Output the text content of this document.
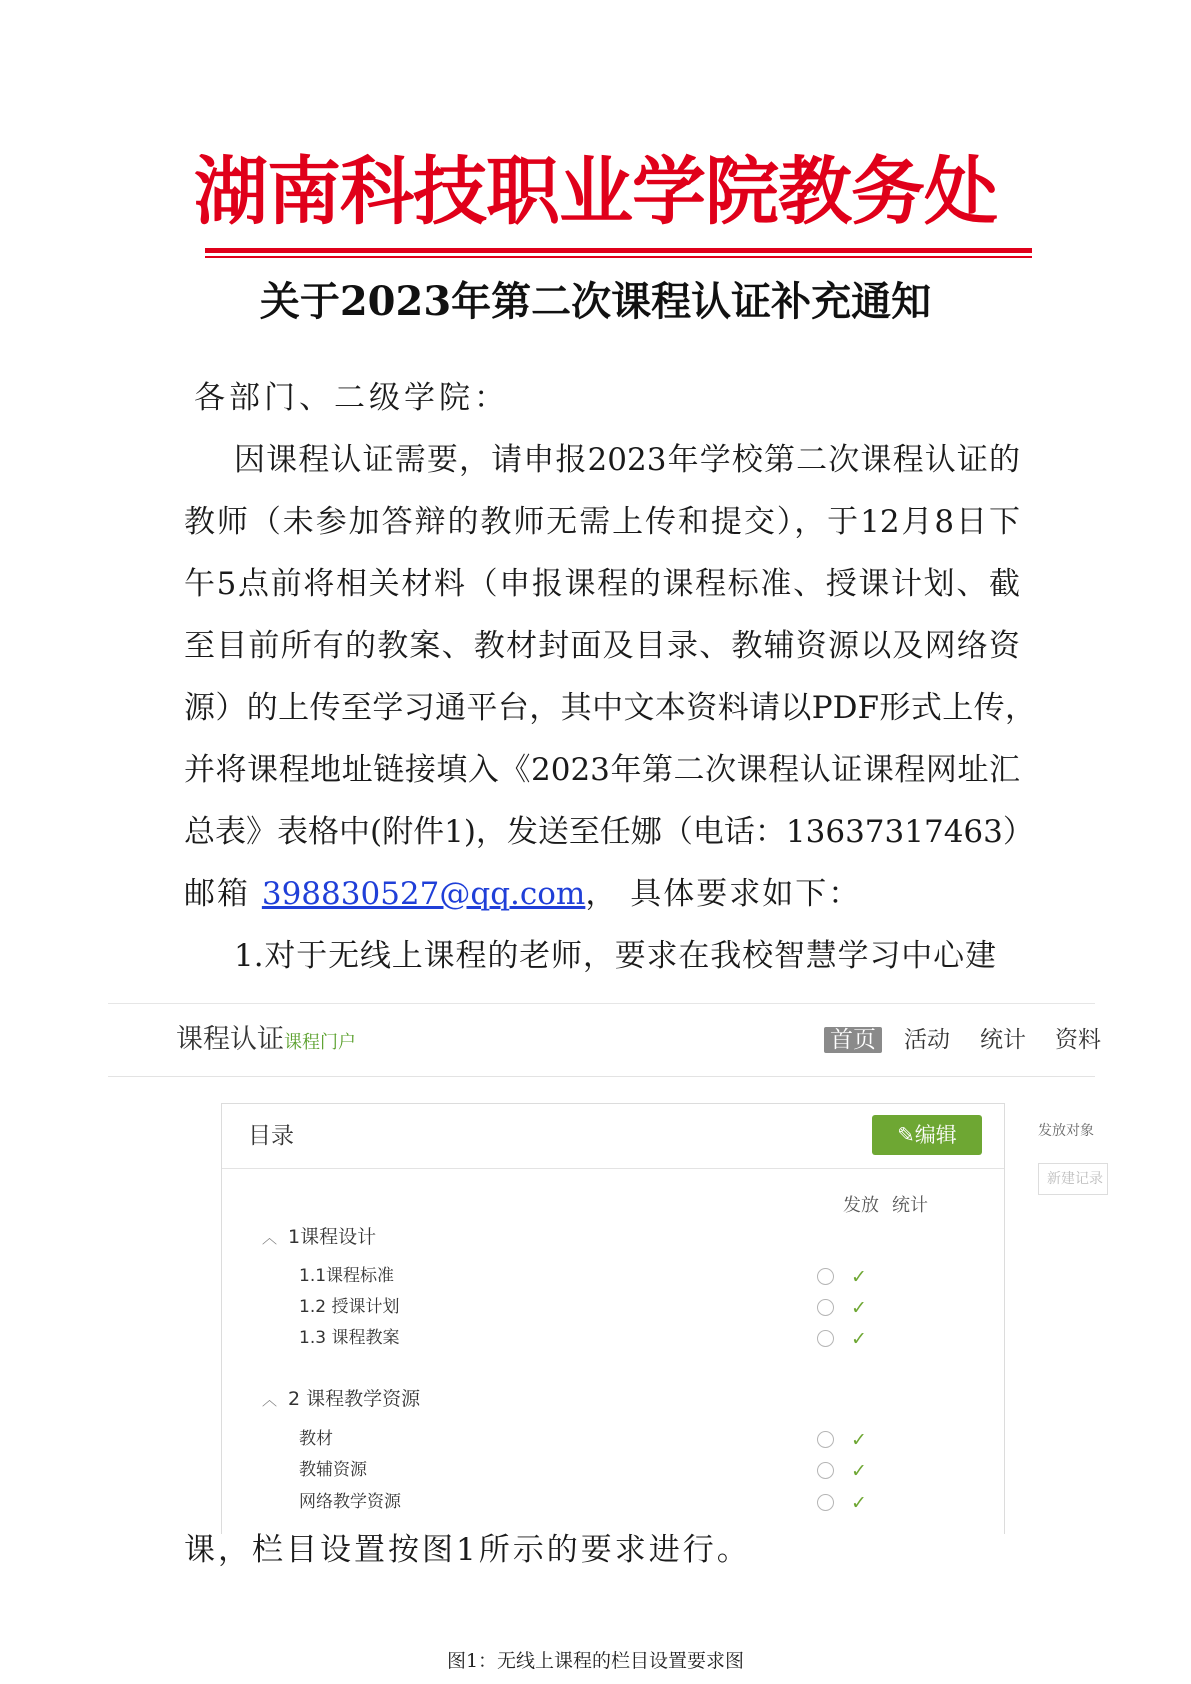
湖南科技职业学院教务处
关于2023年第二次课程认证补充通知
各部门、二级学院：
因课程认证需要，请申报2023年学校第二次课程认证的
教师（未参加答辩的教师无需上传和提交），于12月8日下
午5点前将相关材料（申报课程的课程标准、授课计划、截
至目前所有的教案、教材封面及目录、教辅资源以及网络资
源）的上传至学习通平台，其中文本资料请以PDF形式上传，
并将课程地址链接填入《2023年第二次课程认证课程网址汇
总表》表格中(附件1)，发送至任娜（电话：13637317463）
邮箱 398830527@qq.com， 具体要求如下：
1.对于无线上课程的老师，要求在我校智慧学习中心建
课程认证课程门户	首页 活动 统计 资料
目录	✎编辑
发放 统计
︿ 1课程设计
1.1课程标准
1.2 授课计划
1.3 课程教案
✓
✓
✓
︿ 2 课程教学资源
教材
教辅资源
网络教学资源
✓
✓
✓
发放对象
新建记录
课，栏目设置按图1所示的要求进行。
图1：无线上课程的栏目设置要求图
